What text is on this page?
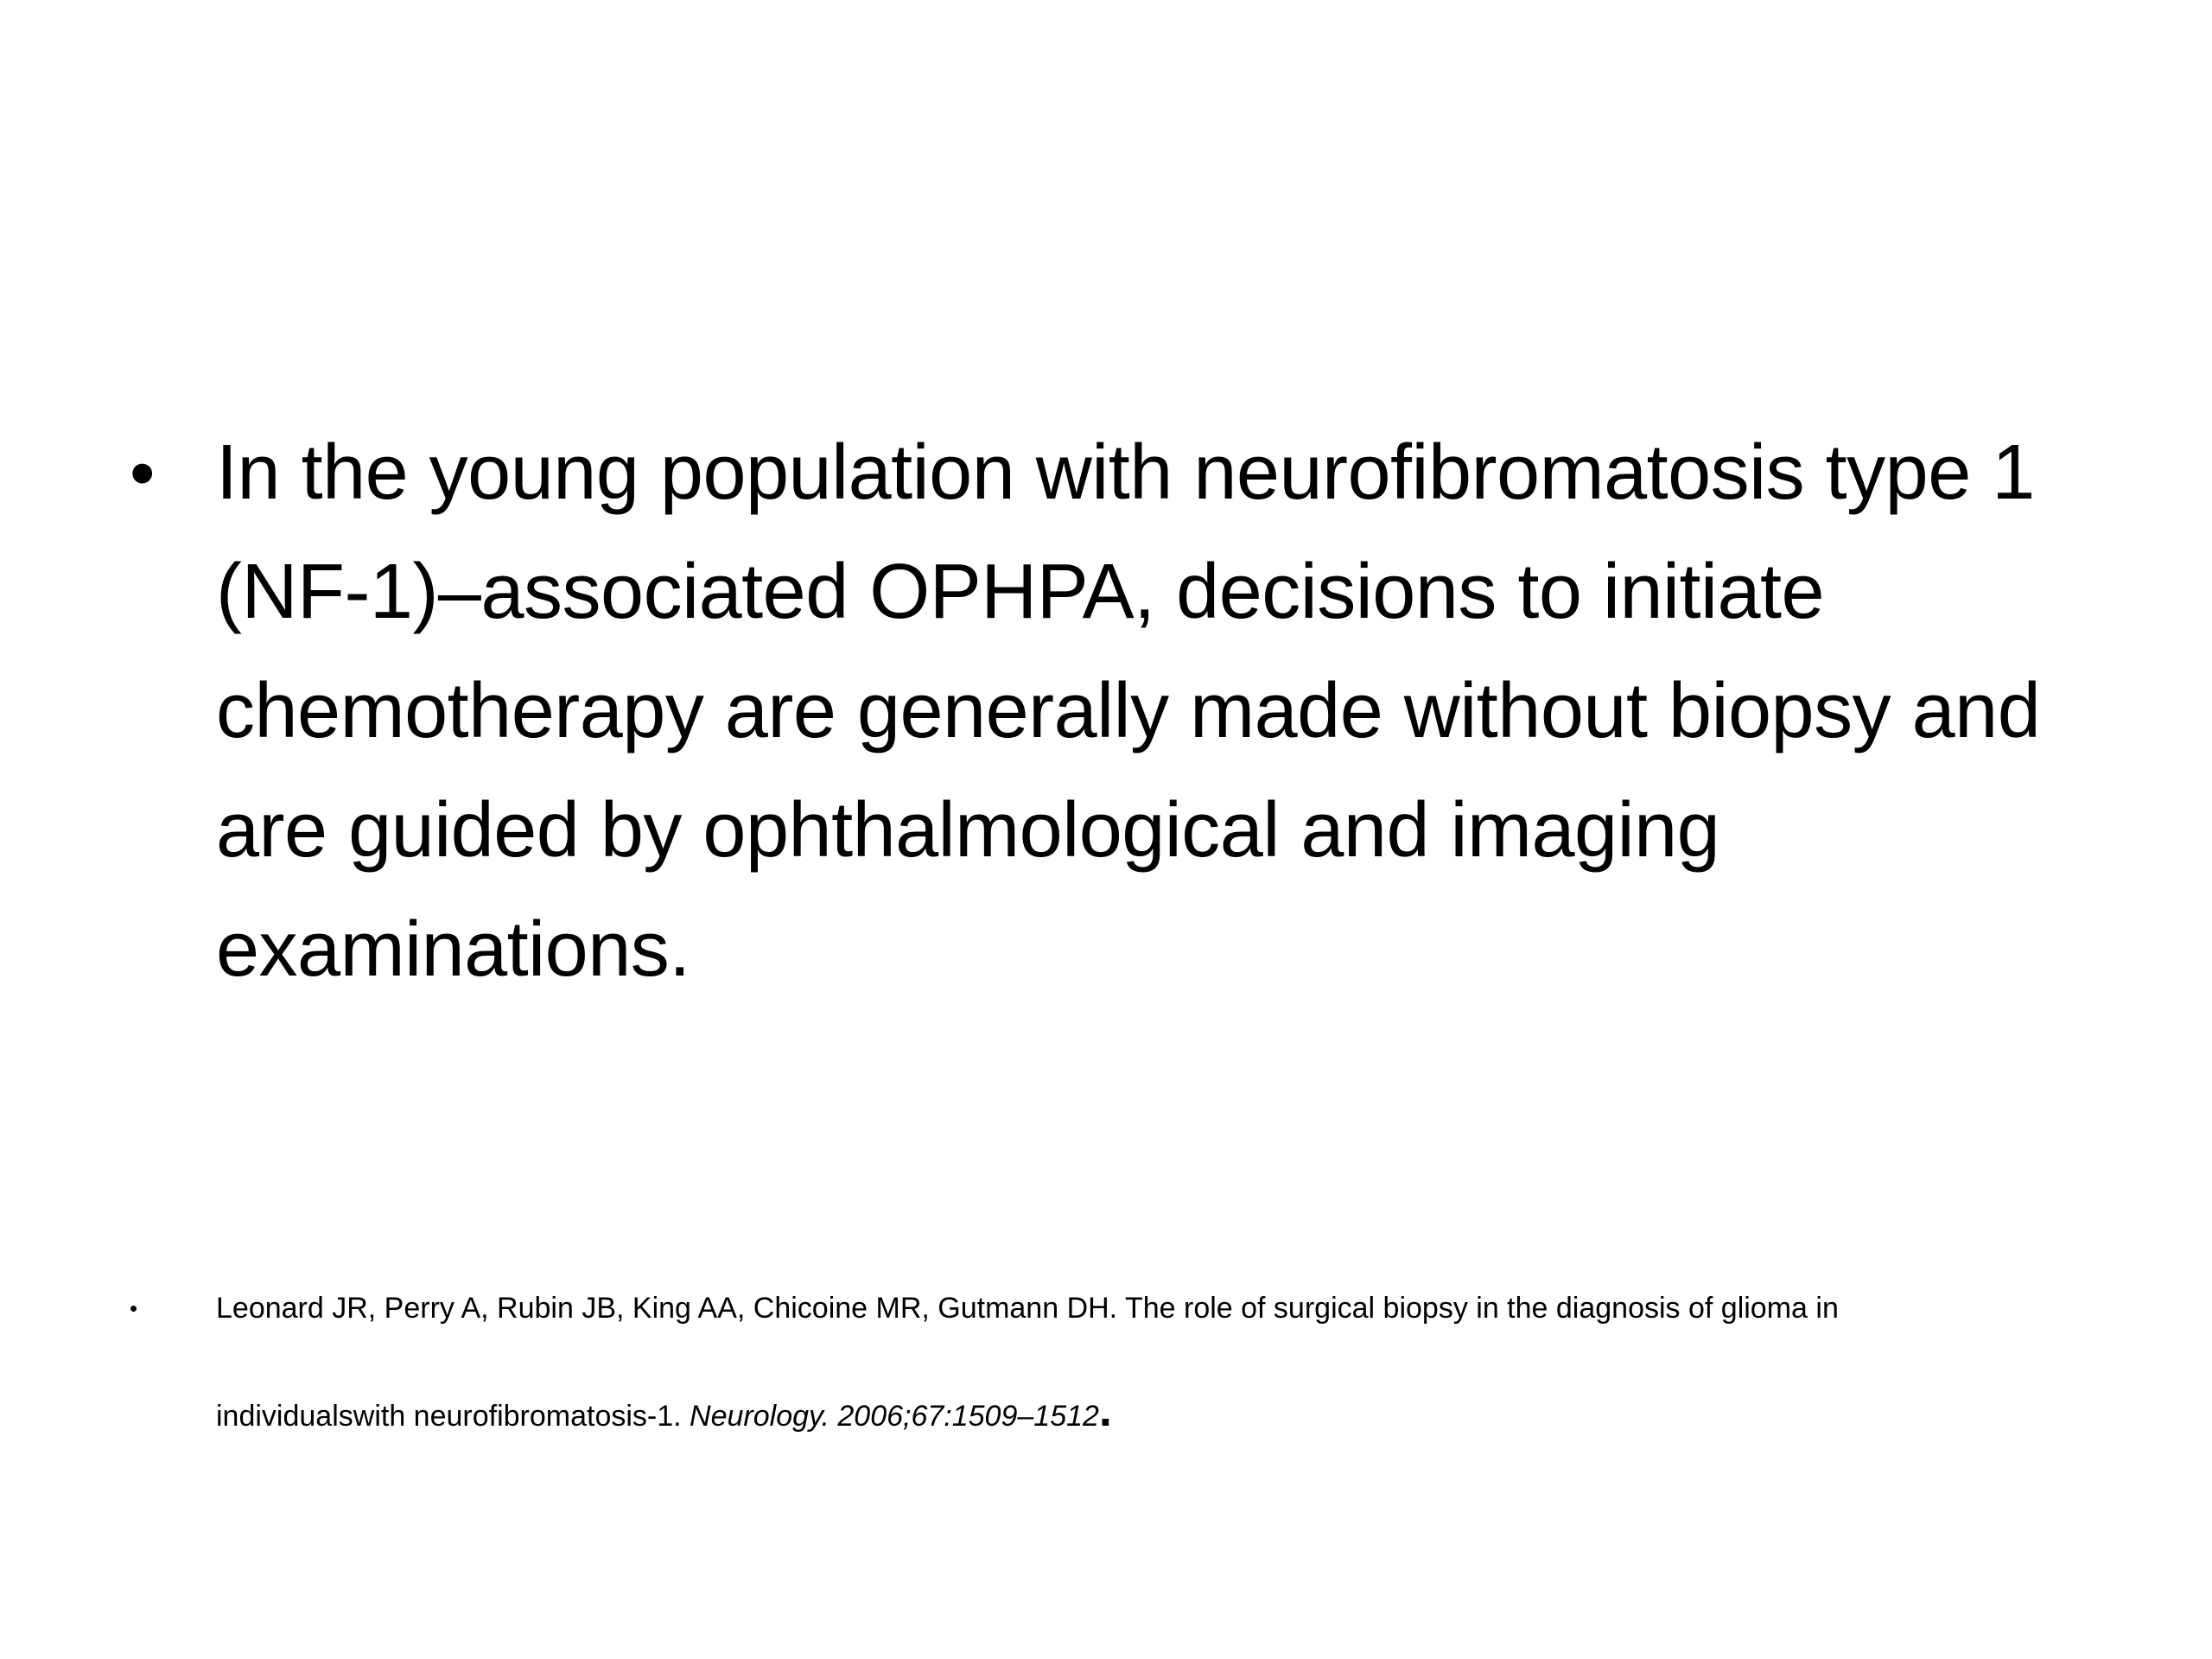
• In the young population with neurofibromatosis type 1 (NF-1)–associated OPHPA, decisions to initiate chemotherapy are generally made without biopsy and are guided by ophthalmological and imaging examinations.
•	Leonard JR, Perry A, Rubin JB, King AA, Chicoine MR, Gutmann DH. The role of surgical biopsy in the diagnosis of glioma in individualswith neurofibromatosis-1. Neurology. 2006;67:1509–1512.
